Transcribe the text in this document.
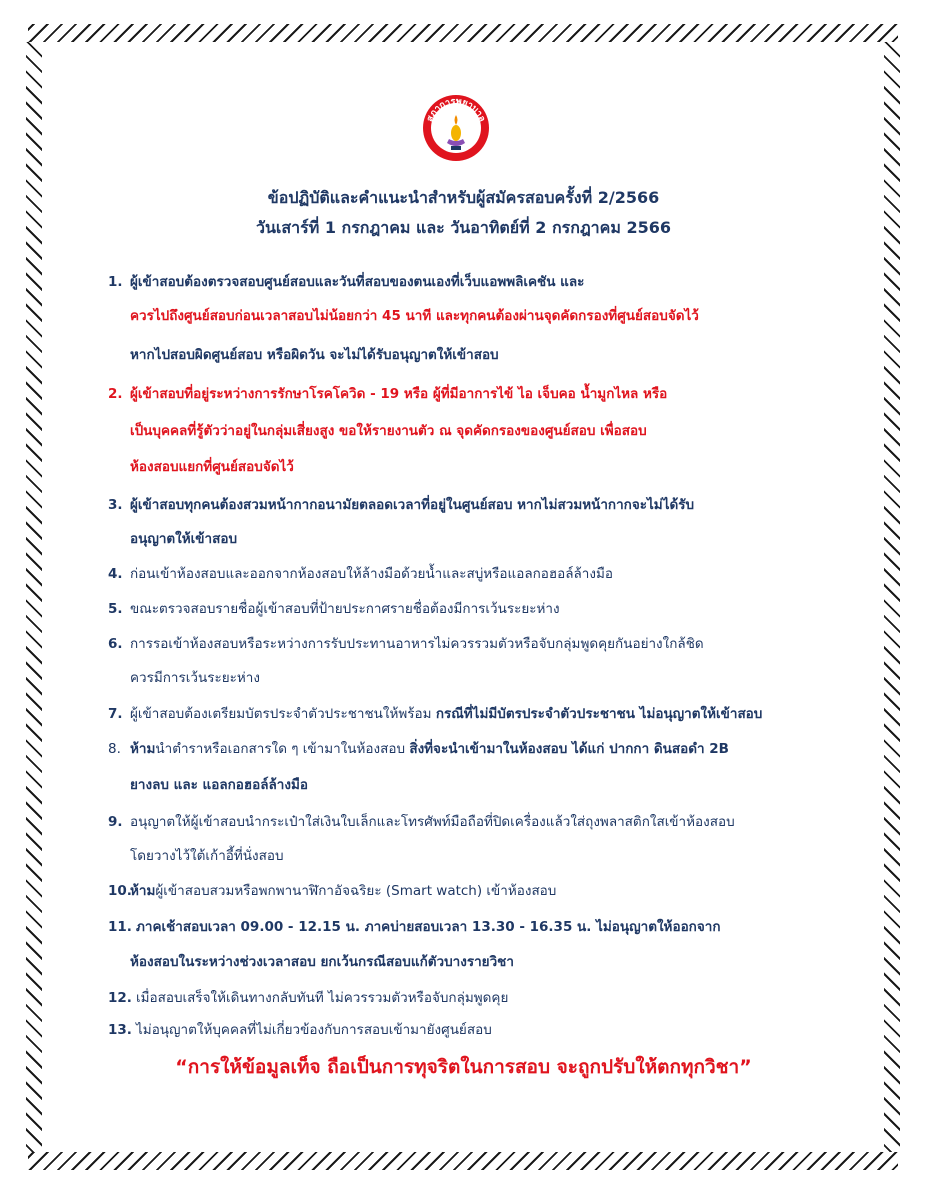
สภาการพยาบาล
ข้อปฏิบัติและคำแนะนำสำหรับผู้สมัครสอบครั้งที่ 2/2566
วันเสาร์ที่ 1 กรกฎาคม และ วันอาทิตย์ที่ 2 กรกฎาคม 2566
1. ผู้เข้าสอบต้องตรวจสอบศูนย์สอบและวันที่สอบของตนเองที่เว็บแอพพลิเคชัน และ
ควรไปถึงศูนย์สอบก่อนเวลาสอบไม่น้อยกว่า 45 นาที และทุกคนต้องผ่านจุดคัดกรองที่ศูนย์สอบจัดไว้
หากไปสอบผิดศูนย์สอบ หรือผิดวัน จะไม่ได้รับอนุญาตให้เข้าสอบ
2. ผู้เข้าสอบที่อยู่ระหว่างการรักษาโรคโควิด - 19 หรือ ผู้ที่มีอาการไข้ ไอ เจ็บคอ น้ำมูกไหล หรือ
เป็นบุคคลที่รู้ตัวว่าอยู่ในกลุ่มเสี่ยงสูง ขอให้รายงานตัว ณ จุดคัดกรองของศูนย์สอบ เพื่อสอบ
ห้องสอบแยกที่ศูนย์สอบจัดไว้
3. ผู้เข้าสอบทุกคนต้องสวมหน้ากากอนามัยตลอดเวลาที่อยู่ในศูนย์สอบ หากไม่สวมหน้ากากจะไม่ได้รับ
อนุญาตให้เข้าสอบ
4. ก่อนเข้าห้องสอบและออกจากห้องสอบให้ล้างมือด้วยน้ำและสบู่หรือแอลกอฮอล์ล้างมือ
5. ขณะตรวจสอบรายชื่อผู้เข้าสอบที่ป้ายประกาศรายชื่อต้องมีการเว้นระยะห่าง
6. การรอเข้าห้องสอบหรือระหว่างการรับประทานอาหารไม่ควรรวมตัวหรือจับกลุ่มพูดคุยกันอย่างใกล้ชิด
ควรมีการเว้นระยะห่าง
7. ผู้เข้าสอบต้องเตรียมบัตรประจำตัวประชาชนให้พร้อม กรณีที่ไม่มีบัตรประจำตัวประชาชน ไม่อนุญาตให้เข้าสอบ
8. ห้ามนำตำราหรือเอกสารใด ๆ เข้ามาในห้องสอบ สิ่งที่จะนำเข้ามาในห้องสอบ ได้แก่ ปากกา ดินสอดำ 2B
ยางลบ และ แอลกอฮอล์ล้างมือ
9. อนุญาตให้ผู้เข้าสอบนำกระเป๋าใส่เงินใบเล็กและโทรศัพท์มือถือที่ปิดเครื่องแล้วใส่ถุงพลาสติกใสเข้าห้องสอบ
โดยวางไว้ใต้เก้าอี้ที่นั่งสอบ
10.ห้ามผู้เข้าสอบสวมหรือพกพานาฬิกาอัจฉริยะ (Smart watch) เข้าห้องสอบ
11. ภาคเช้าสอบเวลา 09.00 - 12.15 น. ภาคบ่ายสอบเวลา 13.30 - 16.35 น. ไม่อนุญาตให้ออกจาก
ห้องสอบในระหว่างช่วงเวลาสอบ ยกเว้นกรณีสอบแก้ตัวบางรายวิชา
12. เมื่อสอบเสร็จให้เดินทางกลับทันที ไม่ควรรวมตัวหรือจับกลุ่มพูดคุย
13. ไม่อนุญาตให้บุคคลที่ไม่เกี่ยวข้องกับการสอบเข้ามายังศูนย์สอบ
“การให้ข้อมูลเท็จ ถือเป็นการทุจริตในการสอบ จะถูกปรับให้ตกทุกวิชา”
